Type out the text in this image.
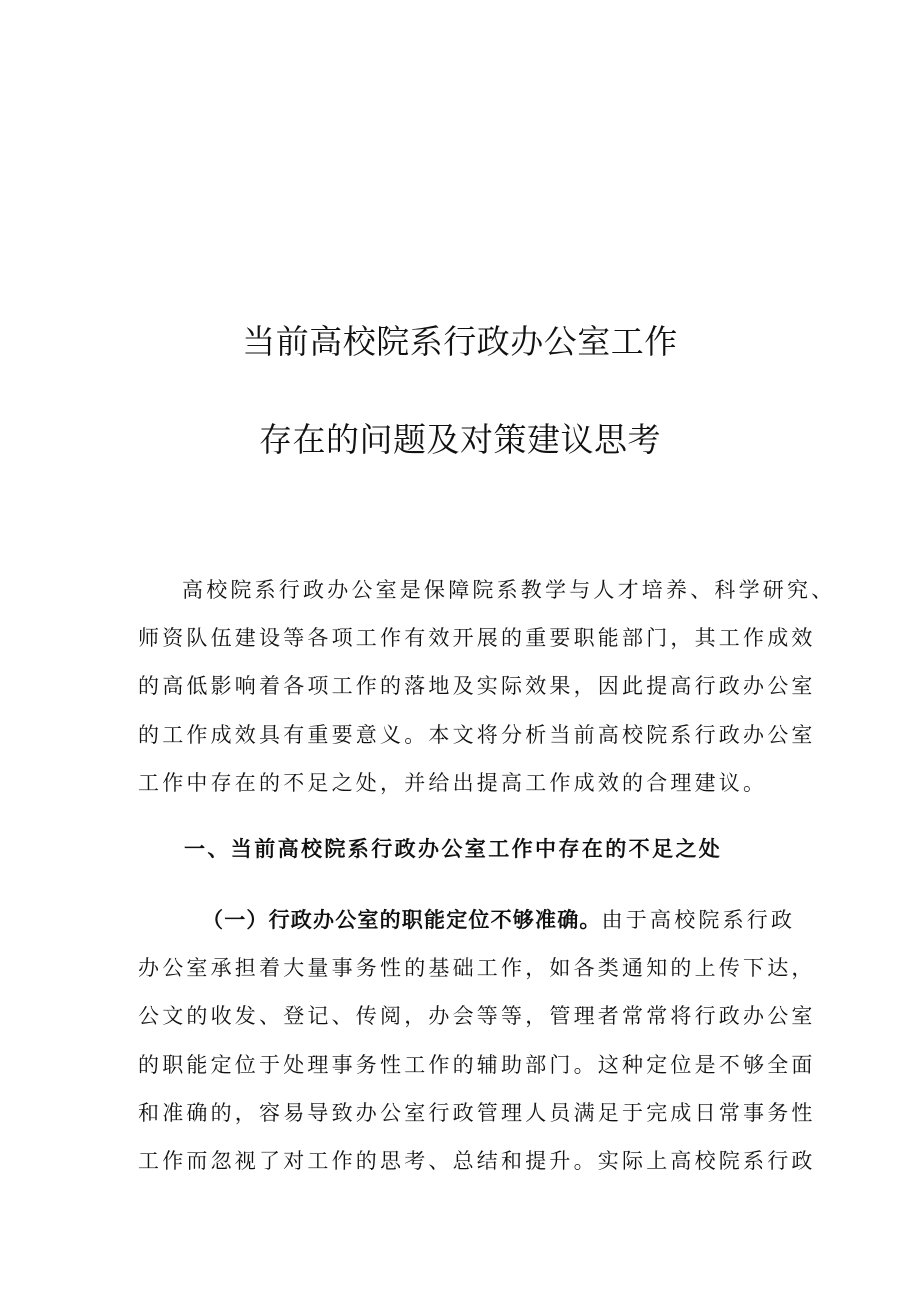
当前高校院系行政办公室工作
存在的问题及对策建议思考
高校院系行政办公室是保障院系教学与人才培养、科学研究、
师资队伍建设等各项工作有效开展的重要职能部门，其工作成效
的高低影响着各项工作的落地及实际效果，因此提高行政办公室
的工作成效具有重要意义。本文将分析当前高校院系行政办公室
工作中存在的不足之处，并给出提高工作成效的合理建议。
一、当前高校院系行政办公室工作中存在的不足之处
（一）行政办公室的职能定位不够准确。由于高校院系行政
办公室承担着大量事务性的基础工作，如各类通知的上传下达，
公文的收发、登记、传阅，办会等等，管理者常常将行政办公室
的职能定位于处理事务性工作的辅助部门。这种定位是不够全面
和准确的，容易导致办公室行政管理人员满足于完成日常事务性
工作而忽视了对工作的思考、总结和提升。实际上高校院系行政
